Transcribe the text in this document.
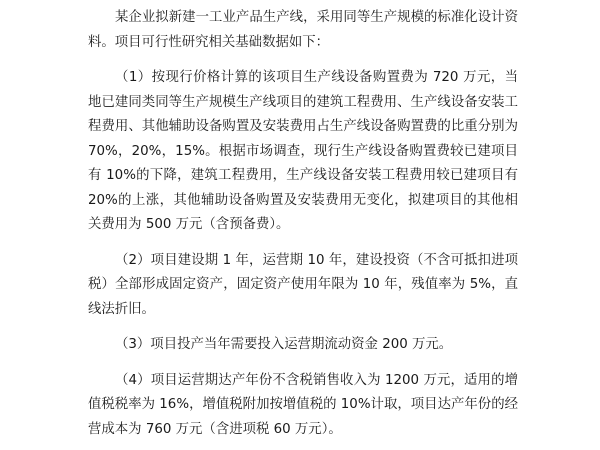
某企业拟新建一工业产品生产线，采用同等生产规模的标准化设计资料。项目可行性研究相关基础数据如下：

（1）按现行价格计算的该项目生产线设备购置费为 720 万元，当地已建同类同等生产规模生产线项目的建筑工程费用、生产线设备安装工程费用、其他辅助设备购置及安装费用占生产线设备购置费的比重分别为 70%，20%，15%。根据市场调查，现行生产线设备购置费较已建项目有 10%的下降，建筑工程费用，生产线设备安装工程费用较已建项目有 20%的上涨，其他辅助设备购置及安装费用无变化，拟建项目的其他相关费用为 500 万元（含预备费）。

（2）项目建设期 1 年，运营期 10 年，建设投资（不含可抵扣进项税）全部形成固定资产，固定资产使用年限为 10 年，残值率为 5%，直线法折旧。

（3）项目投产当年需要投入运营期流动资金 200 万元。

（4）项目运营期达产年份不含税销售收入为 1200 万元，适用的增值税税率为 16%，增值税附加按增值税的 10%计取，项目达产年份的经营成本为 760 万元（含进项税 60 万元）。
